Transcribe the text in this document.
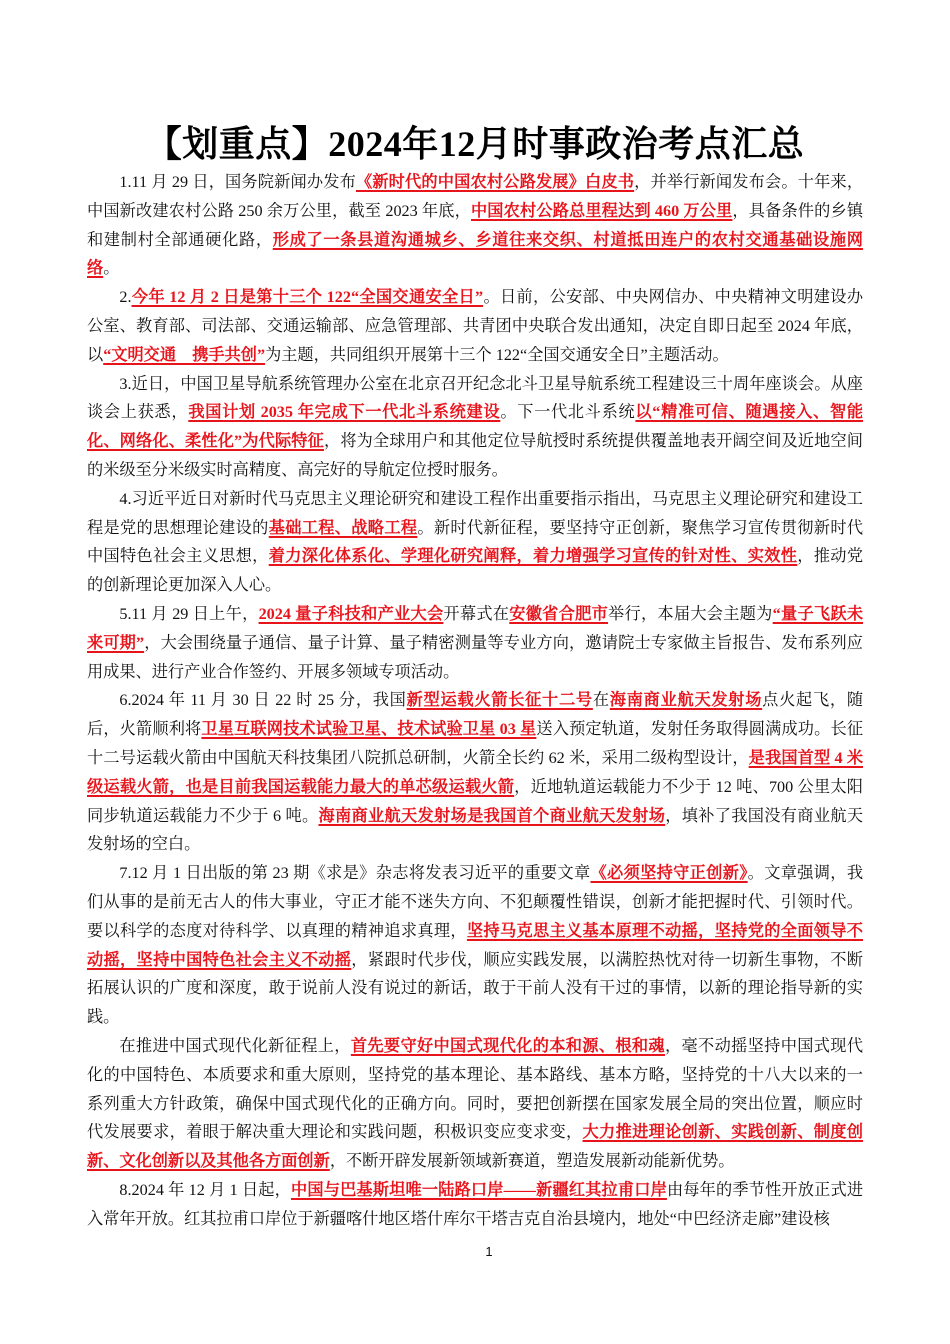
【划重点】2024年12月时事政治考点汇总

1.11 月 29 日，国务院新闻办发布《新时代的中国农村公路发展》白皮书，并举行新闻发布会。十年来，中国新改建农村公路 250 余万公里，截至 2023 年底，中国农村公路总里程达到 460 万公里，具备条件的乡镇和建制村全部通硬化路，形成了一条县道沟通城乡、乡道往来交织、村道抵田连户的农村交通基础设施网络。

2.今年 12 月 2 日是第十三个 122“全国交通安全日”。日前，公安部、中央网信办、中央精神文明建设办公室、教育部、司法部、交通运输部、应急管理部、共青团中央联合发出通知，决定自即日起至 2024 年底，以“文明交通　携手共创”为主题，共同组织开展第十三个 122“全国交通安全日”主题活动。

3.近日，中国卫星导航系统管理办公室在北京召开纪念北斗卫星导航系统工程建设三十周年座谈会。从座谈会上获悉，我国计划 2035 年完成下一代北斗系统建设。下一代北斗系统以“精准可信、随遇接入、智能化、网络化、柔性化”为代际特征，将为全球用户和其他定位导航授时系统提供覆盖地表开阔空间及近地空间的米级至分米级实时高精度、高完好的导航定位授时服务。

4.习近平近日对新时代马克思主义理论研究和建设工程作出重要指示指出，马克思主义理论研究和建设工程是党的思想理论建设的基础工程、战略工程。新时代新征程，要坚持守正创新，聚焦学习宣传贯彻新时代中国特色社会主义思想，着力深化体系化、学理化研究阐释，着力增强学习宣传的针对性、实效性，推动党的创新理论更加深入人心。

5.11 月 29 日上午，2024 量子科技和产业大会开幕式在安徽省合肥市举行，本届大会主题为“量子飞跃未来可期”，大会围绕量子通信、量子计算、量子精密测量等专业方向，邀请院士专家做主旨报告、发布系列应用成果、进行产业合作签约、开展多领域专项活动。

6.2024 年 11 月 30 日 22 时 25 分，我国新型运载火箭长征十二号在海南商业航天发射场点火起飞，随后，火箭顺利将卫星互联网技术试验卫星、技术试验卫星 03 星送入预定轨道，发射任务取得圆满成功。长征十二号运载火箭由中国航天科技集团八院抓总研制，火箭全长约 62 米，采用二级构型设计，是我国首型 4 米级运载火箭，也是目前我国运载能力最大的单芯级运载火箭，近地轨道运载能力不少于 12 吨、700 公里太阳同步轨道运载能力不少于 6 吨。海南商业航天发射场是我国首个商业航天发射场，填补了我国没有商业航天发射场的空白。

7.12 月 1 日出版的第 23 期《求是》杂志将发表习近平的重要文章《必须坚持守正创新》。文章强调，我们从事的是前无古人的伟大事业，守正才能不迷失方向、不犯颠覆性错误，创新才能把握时代、引领时代。要以科学的态度对待科学、以真理的精神追求真理，坚持马克思主义基本原理不动摇，坚持党的全面领导不动摇，坚持中国特色社会主义不动摇，紧跟时代步伐，顺应实践发展，以满腔热忱对待一切新生事物，不断拓展认识的广度和深度，敢于说前人没有说过的新话，敢于干前人没有干过的事情，以新的理论指导新的实践。

在推进中国式现代化新征程上，首先要守好中国式现代化的本和源、根和魂，毫不动摇坚持中国式现代化的中国特色、本质要求和重大原则，坚持党的基本理论、基本路线、基本方略，坚持党的十八大以来的一系列重大方针政策，确保中国式现代化的正确方向。同时，要把创新摆在国家发展全局的突出位置，顺应时代发展要求，着眼于解决重大理论和实践问题，积极识变应变求变，大力推进理论创新、实践创新、制度创新、文化创新以及其他各方面创新，不断开辟发展新领域新赛道，塑造发展新动能新优势。

8.2024 年 12 月 1 日起，中国与巴基斯坦唯一陆路口岸——新疆红其拉甫口岸由每年的季节性开放正式进入常年开放。红其拉甫口岸位于新疆喀什地区塔什库尔干塔吉克自治县境内，地处“中巴经济走廊”建设核

1
